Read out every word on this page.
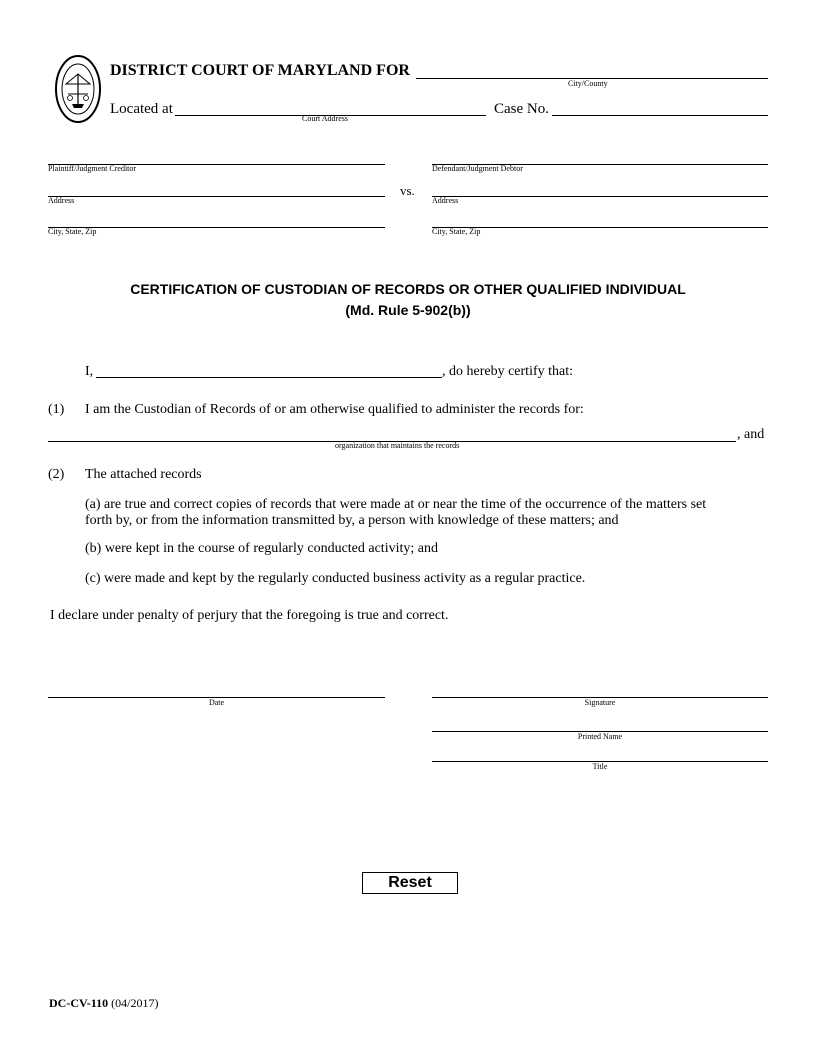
DISTRICT COURT OF MARYLAND FOR
City/County
Located at
Court Address
Case No.
Plaintiff/Judgment Creditor
Address
City, State, Zip
vs.
Defendant/Judgment Debtor
Address
City, State, Zip
CERTIFICATION OF CUSTODIAN OF RECORDS OR OTHER QUALIFIED INDIVIDUAL
(Md. Rule 5-902(b))
I,	, do hereby certify that:
(1) I am the Custodian of Records of or am otherwise qualified to administer the records for:
, and
organization that maintains the records
(2) The attached records
(a) are true and correct copies of records that were made at or near the time of the occurrence of the matters set
forth by, or from the information transmitted by, a person with knowledge of these matters; and
(b) were kept in the course of regularly conducted activity; and
(c) were made and kept by the regularly conducted business activity as a regular practice.
I declare under penalty of perjury that the foregoing is true and correct.
Date	Signature
Printed Name
Title
Reset
DC-CV-110 (04/2017)
